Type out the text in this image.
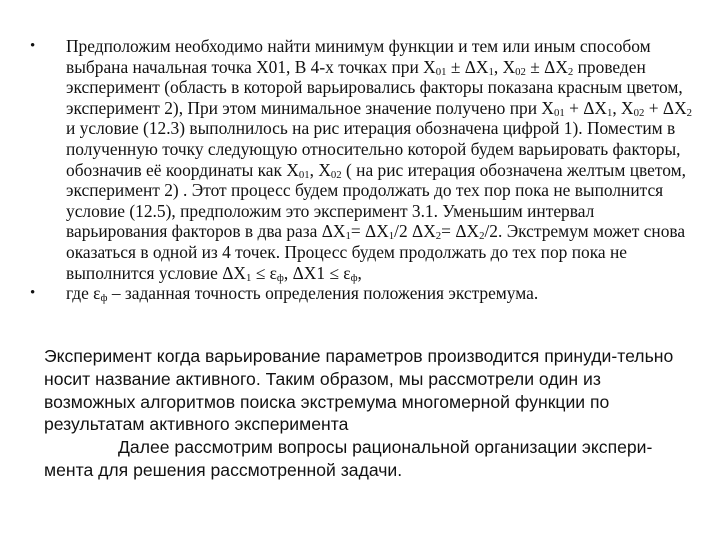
•	Предположим необходимо найти минимум функции и тем или иным способом выбрана начальная точка X01, В 4-х точках при $X_{01} \pm \Delta X_1$, $X_{02} \pm \Delta X_2$ проведен эксперимент (область в которой варьировались факторы показана красным цветом, эксперимент 2), При этом минимальное значение получено при $X_{01} + \Delta X_1$, $X_{02} + \Delta X_2$ и условие (12.3) выполнилось на рис итерация обозначена цифрой 1). Поместим в полученную точку следующую относительно которой будем варьировать факторы, обозначив её координаты как $X_{01}$, $X_{02}$ ( на рис итерация обозначена желтым цветом, эксперимент 2) . Этот процесс будем продолжать до тех пор пока не выполнится условие (12.5), предположим это эксперимент 3.1. Уменьшим интервал варьирования факторов в два раза $\Delta X_1= \Delta X_1/2$ $\Delta X_2= \Delta X_2/2$. Экстремум может снова оказаться в одной из 4 точек. Процесс будем продолжать до тех пор пока не выполнится условие $\Delta X_1 \le \varepsilon_ф$, $\Delta X1 \le \varepsilon_ф$,
•	где $\varepsilon_ф$ – заданная точность определения положения экстремума.

Эксперимент когда варьирование параметров производится принуди-тельно носит название активного. Таким образом, мы рассмотрели один из возможных алгоритмов поиска экстремума многомерной функции по результатам активного эксперимента

Далее рассмотрим вопросы рациональной организации экспери-мента для решения рассмотренной задачи.
